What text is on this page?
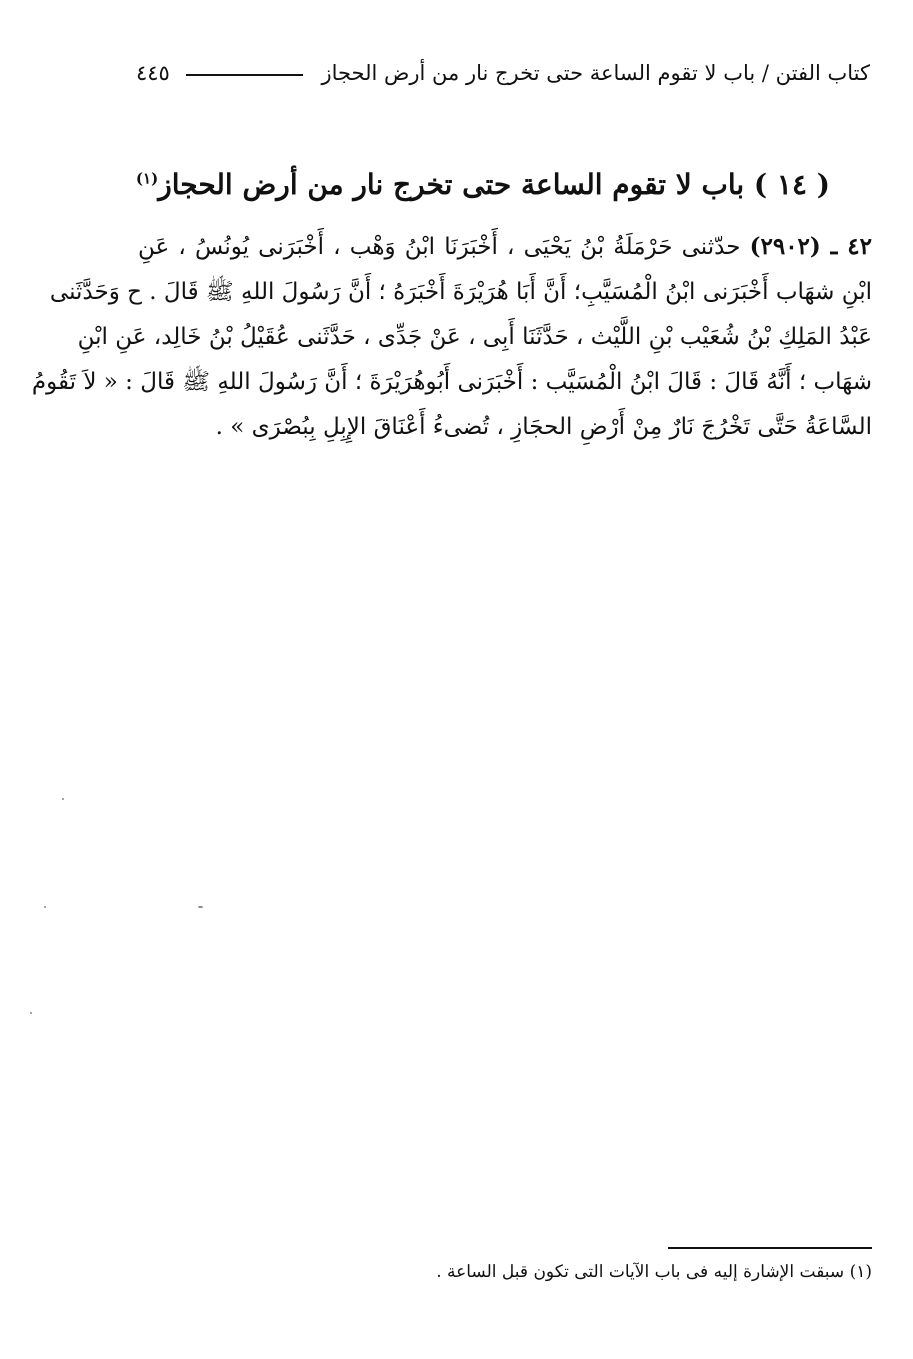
كتاب الفتن / باب لا تقوم الساعة حتى تخرج نار من أرض الحجاز
٤٤٥
( ١٤ ) باب لا تقوم الساعة حتى تخرج نار من أرض الحجاز$^{(١)}$
٤٢ ـ (٢٩٠٢) حدّثنى حَرْمَلَةُ بْنُ يَحْيَى ، أَخْبَرَنَا ابْنُ وَهْب ، أَخْبَرَنى يُونُسُ ، عَنِ
ابْنِ شهَاب أَخْبَرَنى ابْنُ الْمُسَيَّبِ؛ أَنَّ أَبَا هُرَيْرَةَ أَخْبَرَهُ ؛ أَنَّ رَسُولَ اللهِ ﷺ قَالَ . ح وَحَدَّثَنى
عَبْدُ المَلِكِ بْنُ شُعَيْب بْنِ اللَّيْث ، حَدَّثَنَا أَبِى ، عَنْ جَدِّى ، حَدَّثَنى عُقَيْلُ بْنُ خَالِد، عَنِ ابْنِ
شهَاب ؛ أَنَّهُ قَالَ : قَالَ ابْنُ الْمُسَيَّب : أَخْبَرَنى أَبُوهُرَيْرَةَ ؛ أَنَّ رَسُولَ اللهِ ﷺ قَالَ : « لاَ تَقُومُ
السَّاعَةُ حَتَّى تَخْرُجَ نَارٌ مِنْ أَرْضِ الحجَازِ ، تُضىءُ أَعْنَاقَ الإِبِلِ بِبُصْرَى » .
(١) سبقت الإشارة إليه فى باب الآيات التى تكون قبل الساعة .
